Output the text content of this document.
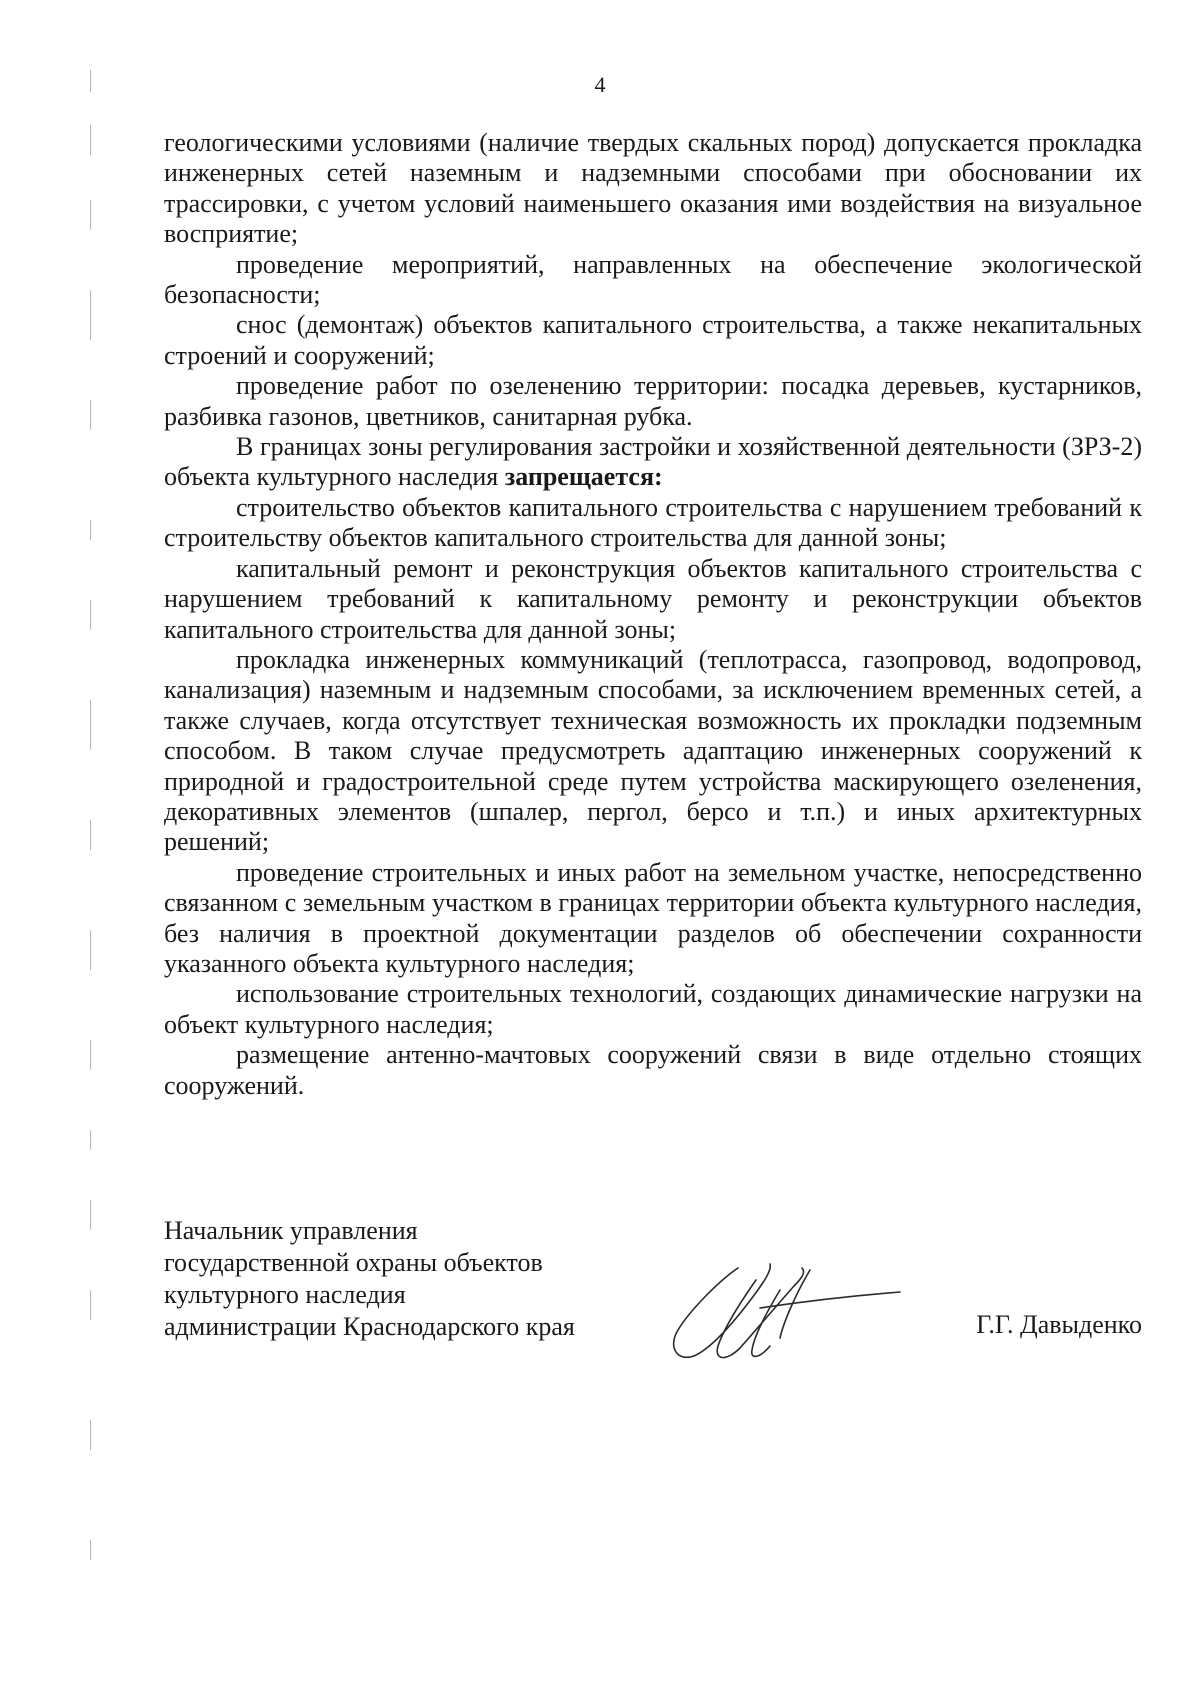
4

геологическими условиями (наличие твердых скальных пород) допускается прокладка инженерных сетей наземным и надземными способами при обосновании их трассировки, с учетом условий наименьшего оказания ими воздействия на визуальное восприятие;

проведение мероприятий, направленных на обеспечение экологической безопасности;

снос (демонтаж) объектов капитального строительства, а также некапитальных строений и сооружений;

проведение работ по озеленению территории: посадка деревьев, кустарников, разбивка газонов, цветников, санитарная рубка.

В границах зоны регулирования застройки и хозяйственной деятельности (ЗРЗ-2) объекта культурного наследия запрещается:

строительство объектов капитального строительства с нарушением требований к строительству объектов капитального строительства для данной зоны;

капитальный ремонт и реконструкция объектов капитального строительства с нарушением требований к капитальному ремонту и реконструкции объектов капитального строительства для данной зоны;

прокладка инженерных коммуникаций (теплотрасса, газопровод, водопровод, канализация) наземным и надземным способами, за исключением временных сетей, а также случаев, когда отсутствует техническая возможность их прокладки подземным способом. В таком случае предусмотреть адаптацию инженерных сооружений к природной и градостроительной среде путем устройства маскирующего озеленения, декоративных элементов (шпалер, пергол, берсо и т.п.) и иных архитектурных решений;

проведение строительных и иных работ на земельном участке, непосредственно связанном с земельным участком в границах территории объекта культурного наследия, без наличия в проектной документации разделов об обеспечении сохранности указанного объекта культурного наследия;

использование строительных технологий, создающих динамические нагрузки на объект культурного наследия;

размещение антенно-мачтовых сооружений связи в виде отдельно стоящих сооружений.

Начальник управления
государственной охраны объектов
культурного наследия
администрации Краснодарского края	Г.Г. Давыденко
